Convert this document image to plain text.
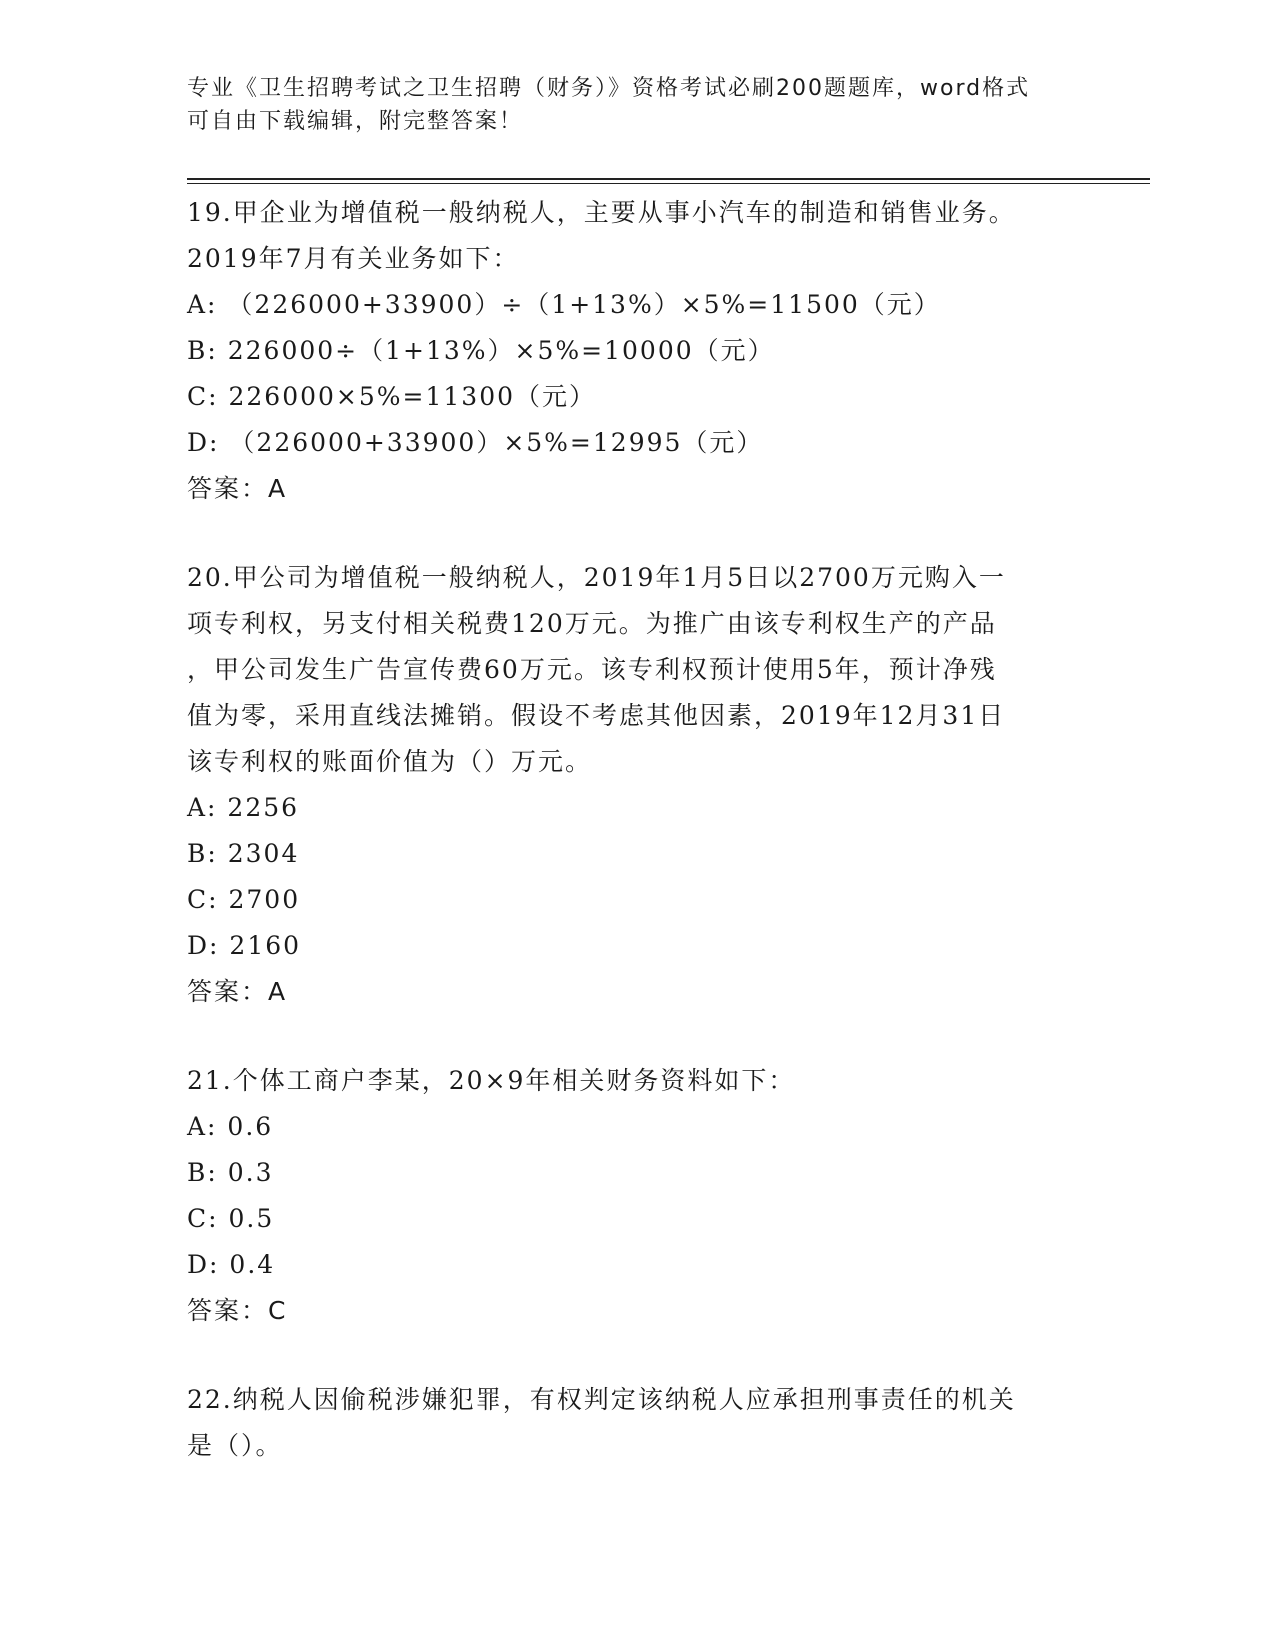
专业《卫生招聘考试之卫生招聘（财务）》资格考试必刷200题题库，word格式
可自由下载编辑，附完整答案！
19.甲企业为增值税一般纳税人，主要从事小汽车的制造和销售业务。
2019年7月有关业务如下：
A: （226000+33900）÷（1+13%）×5%=11500（元）
B: 226000÷（1+13%）×5%=10000（元）
C: 226000×5%=11300（元）
D: （226000+33900）×5%=12995（元）
答案：A
20.甲公司为增值税一般纳税人，2019年1月5日以2700万元购入一
项专利权，另支付相关税费120万元。为推广由该专利权生产的产品
，甲公司发生广告宣传费60万元。该专利权预计使用5年，预计净残
值为零，采用直线法摊销。假设不考虑其他因素，2019年12月31日
该专利权的账面价值为（）万元。
A: 2256
B: 2304
C: 2700
D: 2160
答案：A
21.个体工商户李某，20×9年相关财务资料如下：
A: 0.6
B: 0.3
C: 0.5
D: 0.4
答案：C
22.纳税人因偷税涉嫌犯罪，有权判定该纳税人应承担刑事责任的机关
是（）。
